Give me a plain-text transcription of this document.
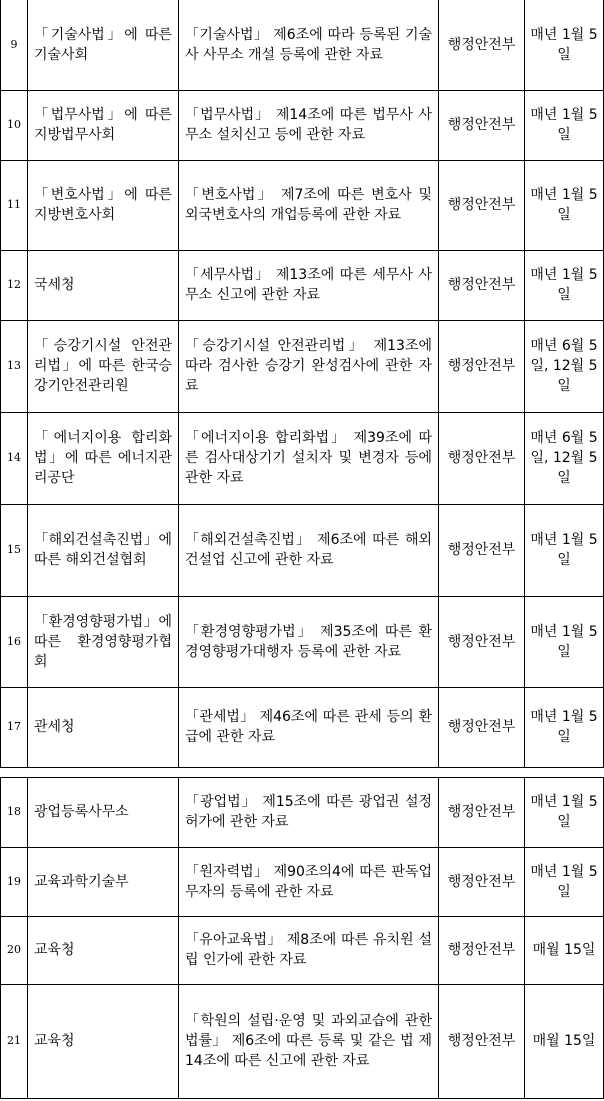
9	「기술사법」에 따른 기술사회	「기술사법」 제6조에 따라 등록된 기술사 사무소 개설 등록에 관한 자료	행정안전부	매년 1월 5일
10	「법무사법」에 따른 지방법무사회	「법무사법」 제14조에 따른 법무사 사무소 설치신고 등에 관한 자료	행정안전부	매년 1월 5일
11	「변호사법」에 따른 지방변호사회	「변호사법」 제7조에 따른 변호사 및 외국변호사의 개업등록에 관한 자료	행정안전부	매년 1월 5일
12	국세청	「세무사법」 제13조에 따른 세무사 사무소 신고에 관한 자료	행정안전부	매년 1월 5일
13	「승강기시설 안전관리법」에 따른 한국승강기안전관리원	「승강기시설 안전관리법」 제13조에 따라 검사한 승강기 완성검사에 관한 자료	행정안전부	매년 6월 5일, 12월 5일
14	「에너지이용 합리화법」에 따른 에너지관리공단	「에너지이용 합리화법」 제39조에 따른 검사대상기기 설치자 및 변경자 등에 관한 자료	행정안전부	매년 6월 5일, 12월 5일
15	「해외건설촉진법」에 따른 해외건설협회	「해외건설촉진법」 제6조에 따른 해외건설업 신고에 관한 자료	행정안전부	매년 1월 5일
16	「환경영향평가법」에 따른 환경영향평가협회	「환경영향평가법」 제35조에 따른 환경영향평가대행자 등록에 관한 자료	행정안전부	매년 1월 5일
17	관세청	「관세법」 제46조에 따른 관세 등의 환급에 관한 자료	행정안전부	매년 1월 5일
18	광업등록사무소	「광업법」 제15조에 따른 광업권 설정허가에 관한 자료	행정안전부	매년 1월 5일
19	교육과학기술부	「원자력법」 제90조의4에 따른 판독업무자의 등록에 관한 자료	행정안전부	매년 1월 5일
20	교육청	「유아교육법」 제8조에 따른 유치원 설립 인가에 관한 자료	행정안전부	매월 15일
21	교육청	「학원의 설립·운영 및 과외교습에 관한 법률」 제6조에 따른 등록 및 같은 법 제14조에 따른 신고에 관한 자료	행정안전부	매월 15일
